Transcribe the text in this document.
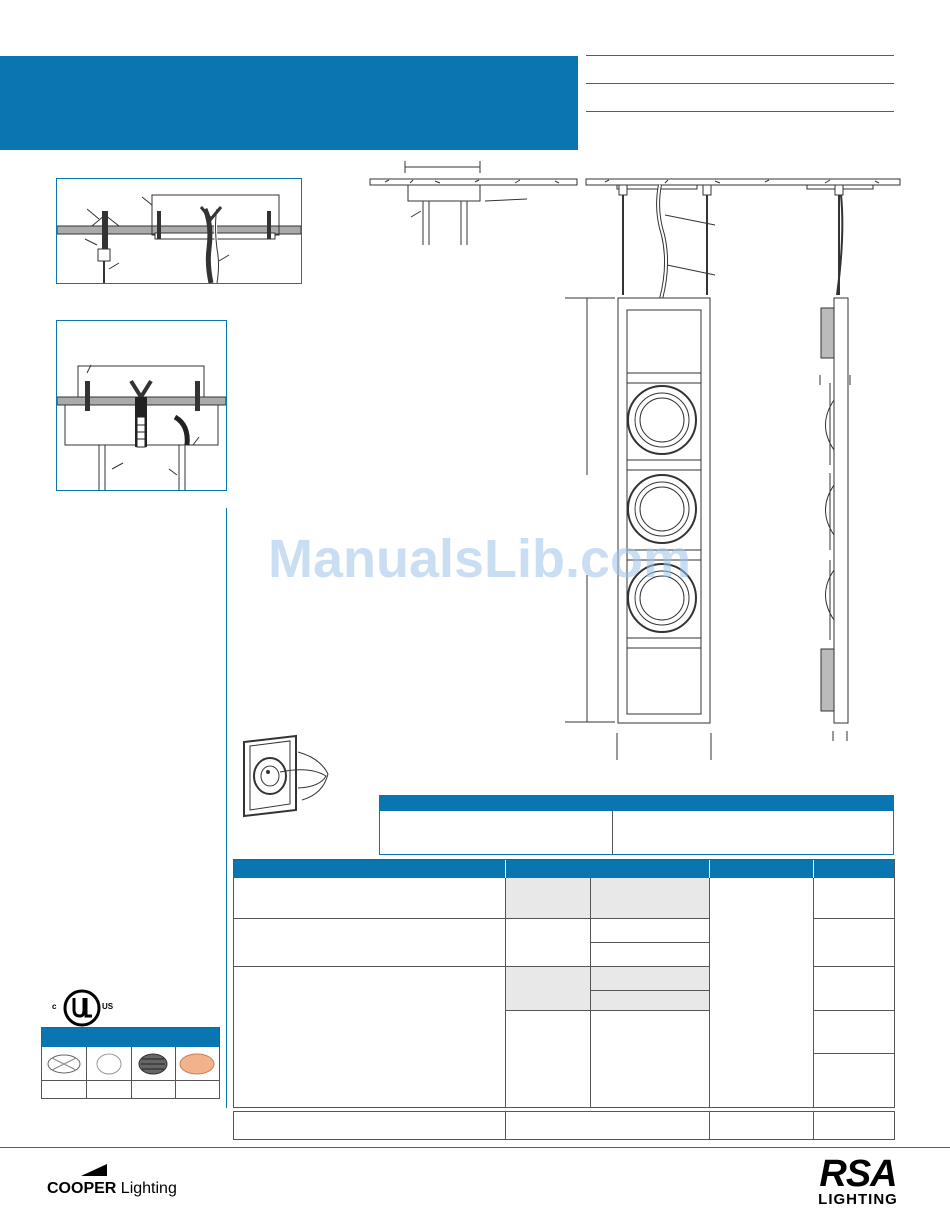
c	US
ManualsLib.com
COOPER Lighting	RSA
LIGHTING
